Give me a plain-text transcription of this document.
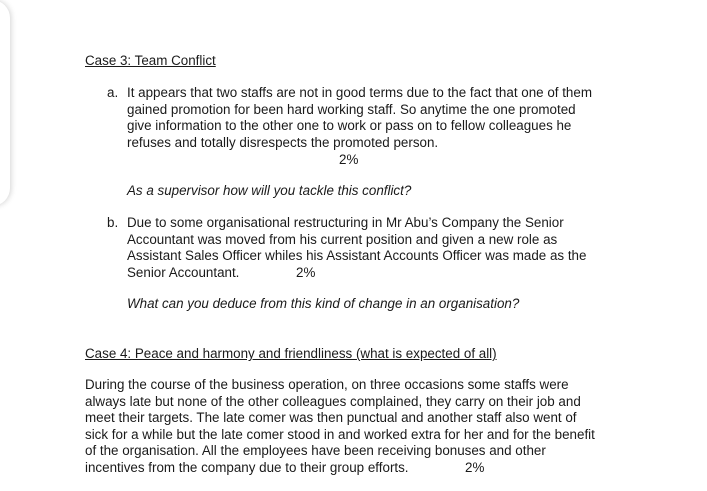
Case 3: Team Conflict
a. It appears that two staffs are not in good terms due to the fact that one of them
gained promotion for been hard working staff. So anytime the one promoted
give information to the other one to work or pass on to fellow colleagues he
refuses and totally disrespects the promoted person.
2%
As a supervisor how will you tackle this conflict?
b. Due to some organisational restructuring in Mr Abu’s Company the Senior
Accountant was moved from his current position and given a new role as
Assistant Sales Officer whiles his Assistant Accounts Officer was made as the
Senior Accountant.	2%
What can you deduce from this kind of change in an organisation?
Case 4: Peace and harmony and friendliness (what is expected of all)
During the course of the business operation, on three occasions some staffs were
always late but none of the other colleagues complained, they carry on their job and
meet their targets. The late comer was then punctual and another staff also went of
sick for a while but the late comer stood in and worked extra for her and for the benefit
of the organisation. All the employees have been receiving bonuses and other
incentives from the company due to their group efforts.	2%
